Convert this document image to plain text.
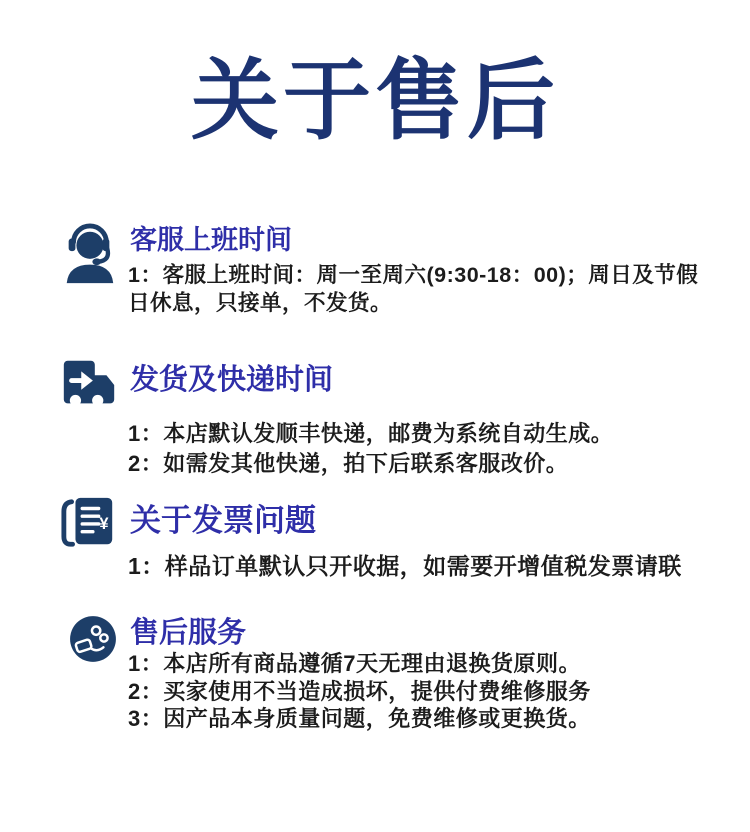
关于售后
客服上班时间
1：客服上班时间：周一至周六(9:30-18：00)；周日及节假
日休息，只接单，不发货。
发货及快递时间
1：本店默认发顺丰快递，邮费为系统自动生成。
2：如需发其他快递，拍下后联系客服改价。
¥ 关于发票问题
1：样品订单默认只开收据，如需要开增值税发票请联
售后服务
1：本店所有商品遵循7天无理由退换货原则。
2：买家使用不当造成损坏，提供付费维修服务
3：因产品本身质量问题，免费维修或更换货。
